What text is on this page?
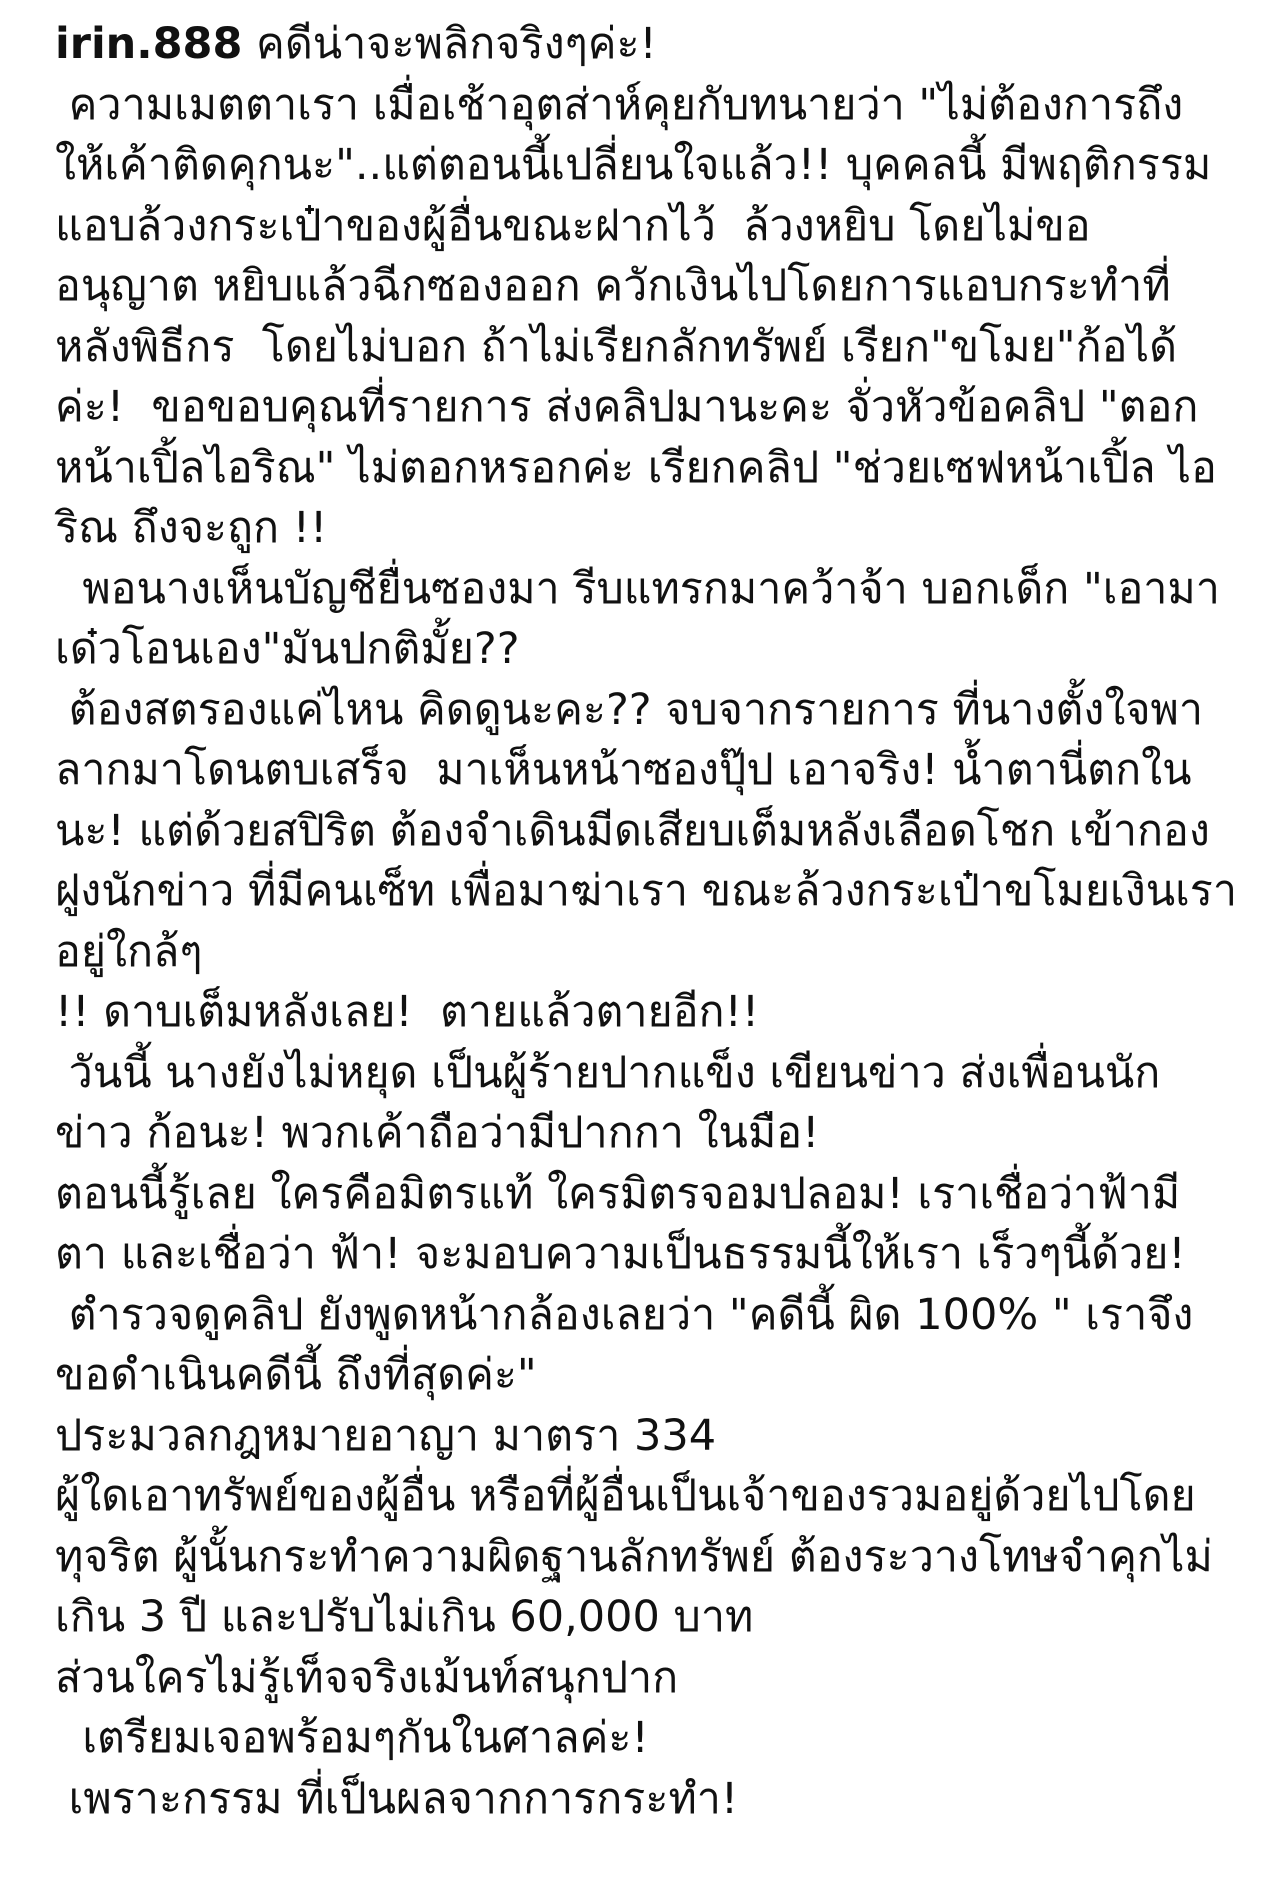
irin.888 คดีน่าจะพลิกจริงๆค่ะ!
ความเมตตาเรา เมื่อเช้าอุตส่าห์คุยกับทนายว่า "ไม่ต้องการถึง
ให้เค้าติดคุกนะ"..แต่ตอนนี้เปลี่ยนใจแล้ว!! บุคคลนี้ มีพฤติกรรม
แอบล้วงกระเป๋าของผู้อื่นขณะฝากไว้  ล้วงหยิบ โดยไม่ขอ
อนุญาต หยิบแล้วฉีกซองออก ควักเงินไปโดยการแอบกระทำที่
หลังพิธีกร  โดยไม่บอก ถ้าไม่เรียกลักทรัพย์ เรียก"ขโมย"ก้อได้
ค่ะ!  ขอขอบคุณที่รายการ ส่งคลิปมานะคะ จั่วหัวข้อคลิป "ตอก
หน้าเปิ้ลไอริณ" ไม่ตอกหรอกค่ะ เรียกคลิป "ช่วยเซฟหน้าเปิ้ล ไอ
ริณ ถึงจะถูก !!
พอนางเห็นบัญชียื่นซองมา รีบแทรกมาคว้าจ้า บอกเด็ก "เอามา
เด๋วโอนเอง"มันปกติมั้ย??
ต้องสตรองแค่ไหน คิดดูนะคะ?? จบจากรายการ ที่นางตั้งใจพา
ลากมาโดนตบเสร็จ  มาเห็นหน้าซองปุ๊ป เอาจริง! น้ำตานี่ตกใน
นะ! แต่ด้วยสปิริต ต้องจำเดินมีดเสียบเต็มหลังเลือดโชก เข้ากอง
ฝูงนักข่าว ที่มีคนเซ็ท เพื่อมาฆ่าเรา ขณะล้วงกระเป๋าขโมยเงินเรา
อยู่ใกล้ๆ
!! ดาบเต็มหลังเลย!  ตายแล้วตายอีก!!
วันนี้ นางยังไม่หยุด เป็นผู้ร้ายปากแข็ง เขียนข่าว ส่งเพื่อนนัก
ข่าว ก้อนะ! พวกเค้าถือว่ามีปากกา ในมือ!
ตอนนี้รู้เลย ใครคือมิตรแท้ ใครมิตรจอมปลอม! เราเชื่อว่าฟ้ามี
ตา และเชื่อว่า ฟ้า! จะมอบความเป็นธรรมนี้ให้เรา เร็วๆนี้ด้วย!
ตำรวจดูคลิป ยังพูดหน้ากล้องเลยว่า "คดีนี้ ผิด 100% " เราจึง
ขอดำเนินคดีนี้ ถึงที่สุดค่ะ"
ประมวลกฎหมายอาญา มาตรา 334
ผู้ใดเอาทรัพย์ของผู้อื่น หรือที่ผู้อื่นเป็นเจ้าของรวมอยู่ด้วยไปโดย
ทุจริต ผู้นั้นกระทำความผิดฐานลักทรัพย์ ต้องระวางโทษจำคุกไม่
เกิน 3 ปี และปรับไม่เกิน 60,000 บาท
ส่วนใครไม่รู้เท็จจริงเม้นท์สนุกปาก
เตรียมเจอพร้อมๆกันในศาลค่ะ!
เพราะกรรม ที่เป็นผลจากการกระทำ!
